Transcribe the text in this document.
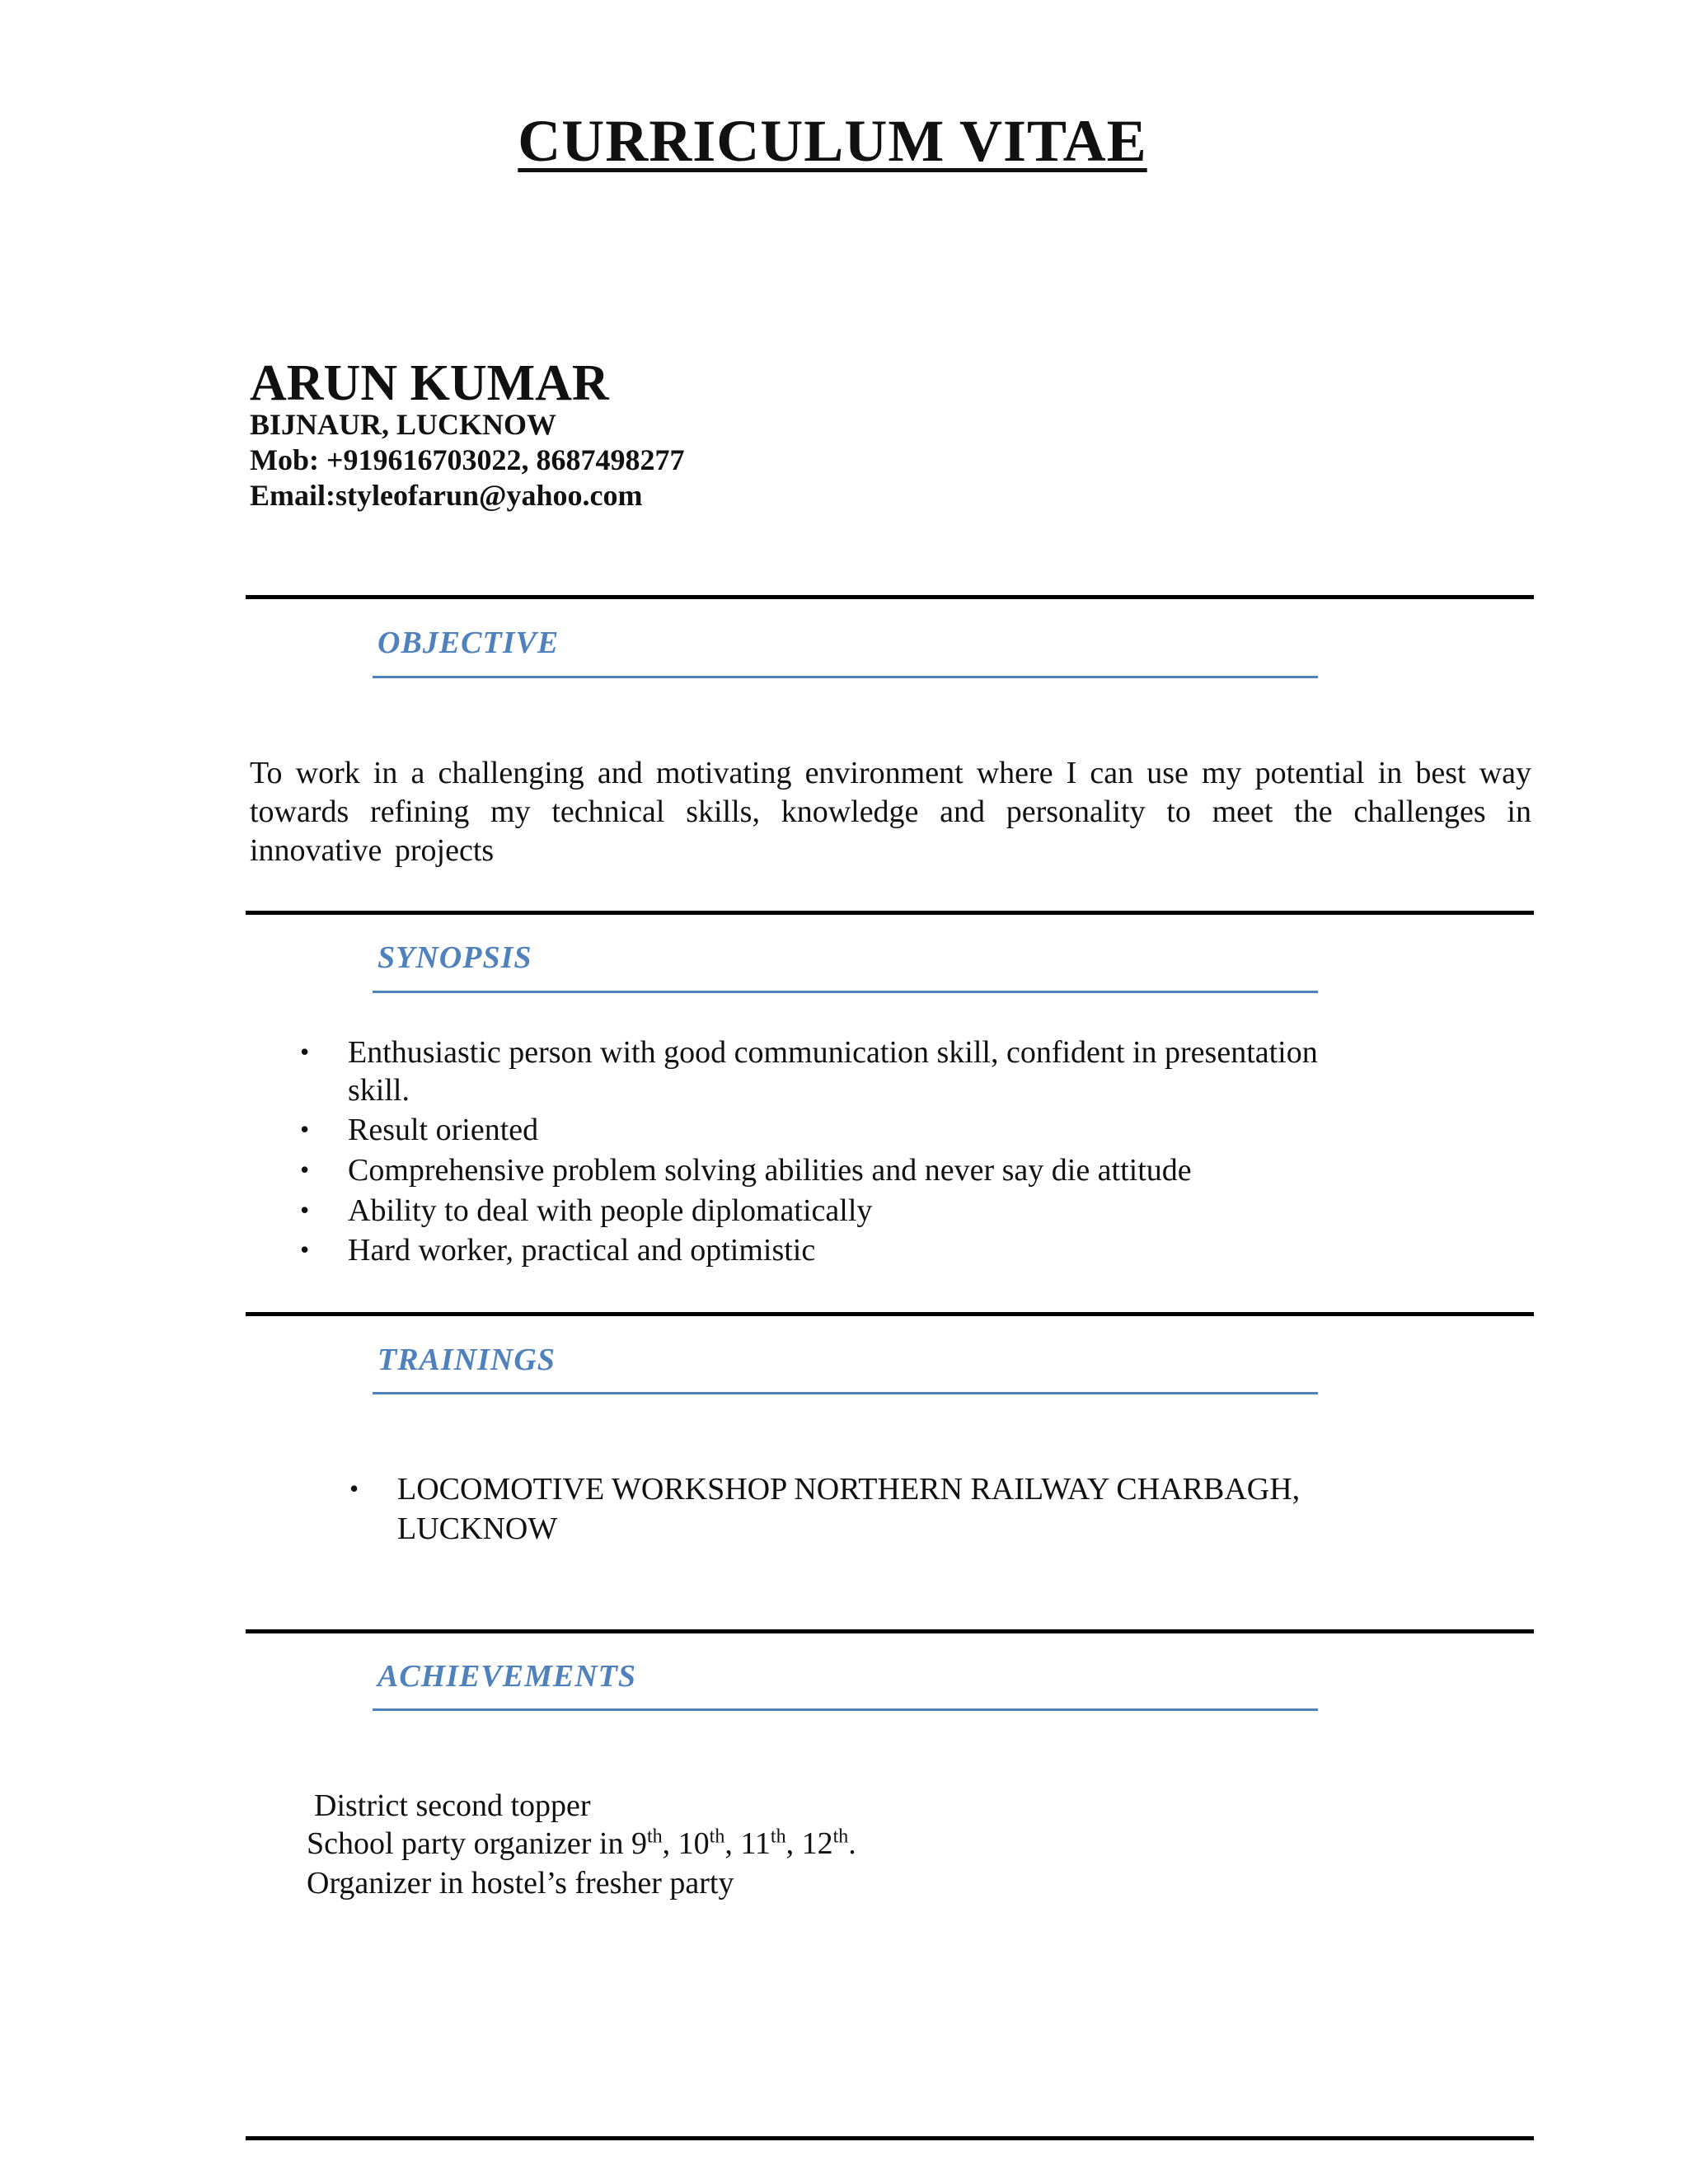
CURRICULUM VITAE
ARUN KUMAR
BIJNAUR, LUCKNOW
Mob: +919616703022, 8687498277
Email:styleofarun@yahoo.com
OBJECTIVE
To work in a challenging and motivating environment where I can use my potential in best way towards refining my technical skills, knowledge and personality to meet the challenges in innovative projects
SYNOPSIS
• Enthusiastic person with good communication skill, confident in presentation
skill.
• Result oriented
• Comprehensive problem solving abilities and never say die attitude
• Ability to deal with people diplomatically
• Hard worker, practical and optimistic
TRAININGS
• LOCOMOTIVE WORKSHOP NORTHERN RAILWAY CHARBAGH,
LUCKNOW
ACHIEVEMENTS
District second topper
School party organizer in 9th, 10th, 11th, 12th.
Organizer in hostel’s fresher party
